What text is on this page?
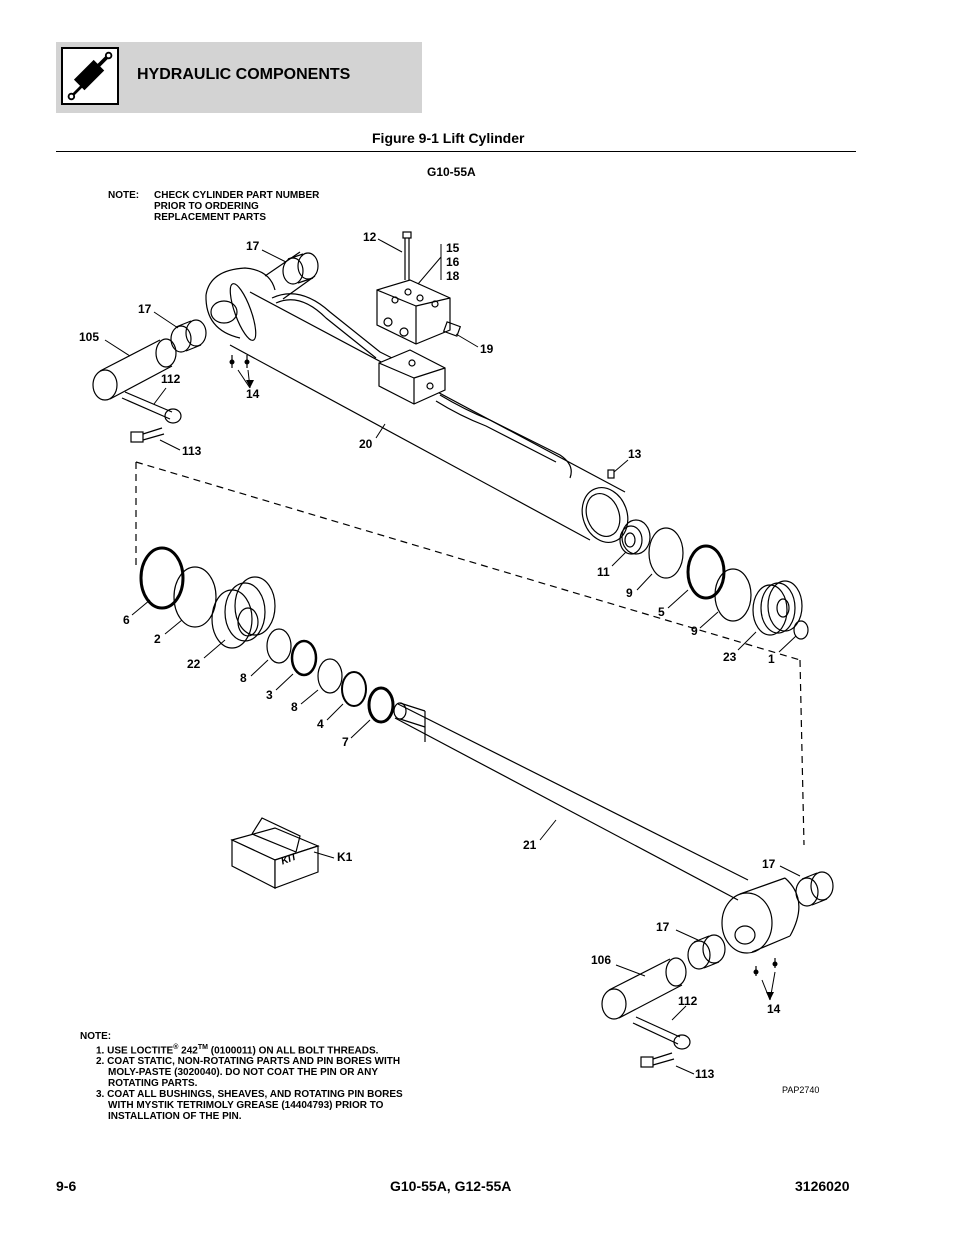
HYDRAULIC COMPONENTS
Figure 9-1 Lift Cylinder
G10-55A
NOTE: CHECK CYLINDER PART NUMBER
PRIOR TO ORDERING
REPLACEMENT PARTS
12
15
16
18
19
17
17
105
112
14
113	20
13
11
9
5
9
23	1
6
2
22
8
3
8
4
7
21
K1
KIT	17
17
106
112
14
113
PAP2740
NOTE:
1. USE LOCTITE® 242™ (0100011) ON ALL BOLT THREADS.
2. COAT STATIC, NON-ROTATING PARTS AND PIN BORES WITH
MOLY-PASTE (3020040). DO NOT COAT THE PIN OR ANY
ROTATING PARTS.
3. COAT ALL BUSHINGS, SHEAVES, AND ROTATING PIN BORES
WITH MYSTIK TETRIMOLY GREASE (14404793) PRIOR TO
INSTALLATION OF THE PIN.
9-6	G10-55A, G12-55A	3126020
